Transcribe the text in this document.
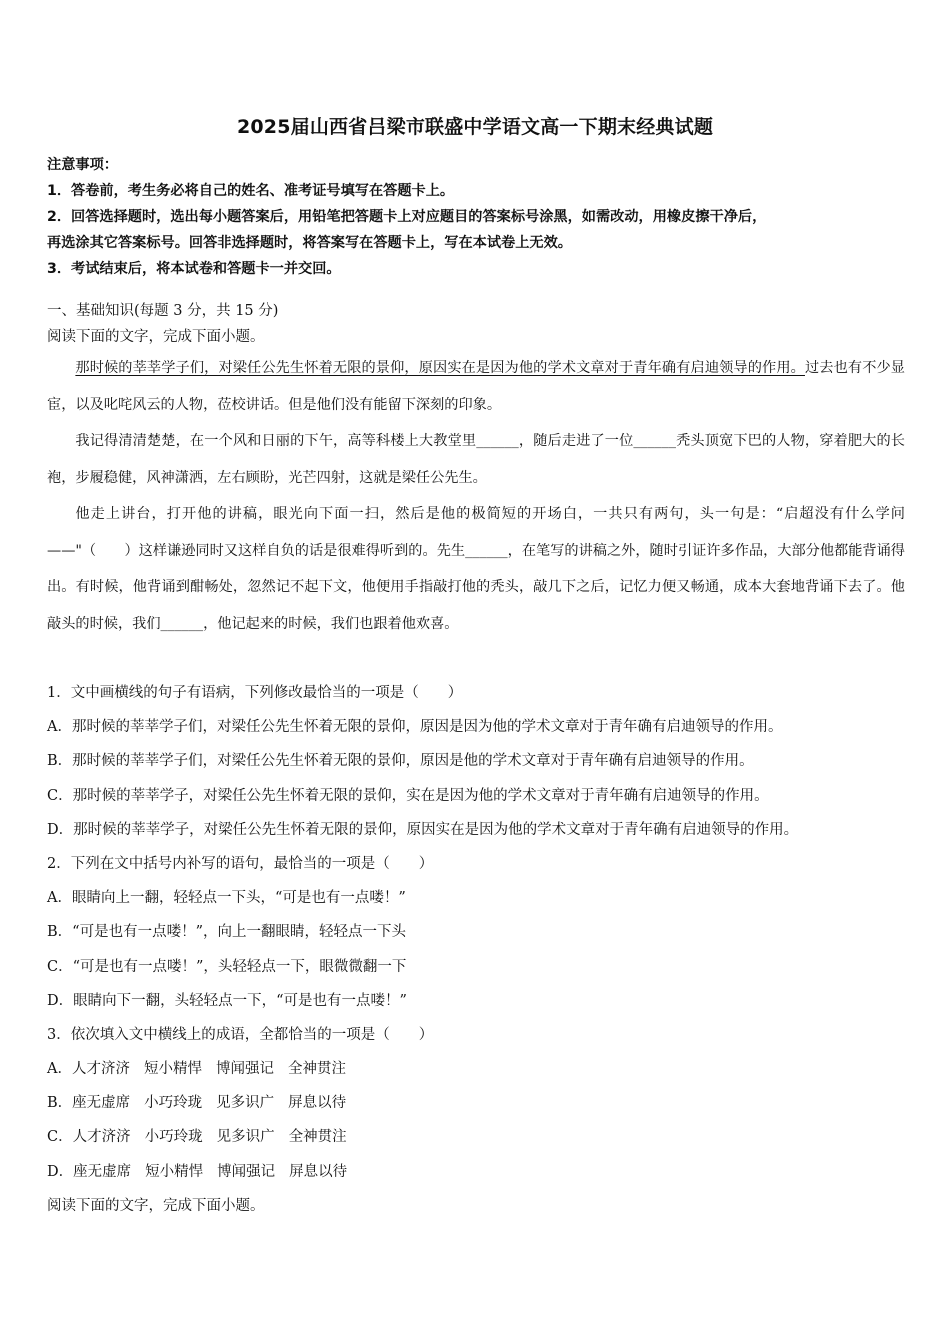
2025届山西省吕梁市联盛中学语文高一下期末经典试题
注意事项：
1．答卷前，考生务必将自己的姓名、准考证号填写在答题卡上。
2．回答选择题时，选出每小题答案后，用铅笔把答题卡上对应题目的答案标号涂黑，如需改动，用橡皮擦干净后，
再选涂其它答案标号。回答非选择题时，将答案写在答题卡上，写在本试卷上无效。
3．考试结束后，将本试卷和答题卡一并交回。
一、基础知识(每题 3 分，共 15 分)
阅读下面的文字，完成下面小题。

那时候的莘莘学子们，对梁任公先生怀着无限的景仰，原因实在是因为他的学术文章对于青年确有启迪领导的作用。过去也有不少显宦，以及叱咤风云的人物，莅校讲话。但是他们没有能留下深刻的印象。

我记得清清楚楚，在一个风和日丽的下午，高等科楼上大教堂里______，随后走进了一位______秃头顶宽下巴的人物，穿着肥大的长袍，步履稳健，风神潇洒，左右顾盼，光芒四射，这就是梁任公先生。

他走上讲台，打开他的讲稿，眼光向下面一扫，然后是他的极简短的开场白，一共只有两句，头一句是：“启超没有什么学问——"（　　）这样谦逊同时又这样自负的话是很难得听到的。先生______，在笔写的讲稿之外，随时引证许多作品，大部分他都能背诵得出。有时候，他背诵到酣畅处，忽然记不起下文，他便用手指敲打他的秃头，敲几下之后，记忆力便又畅通，成本大套地背诵下去了。他敲头的时候，我们______，他记起来的时候，我们也跟着他欢喜。

1．文中画横线的句子有语病，下列修改最恰当的一项是（　　）
A．那时候的莘莘学子们，对梁任公先生怀着无限的景仰，原因是因为他的学术文章对于青年确有启迪领导的作用。
B．那时候的莘莘学子们，对梁任公先生怀着无限的景仰，原因是他的学术文章对于青年确有启迪领导的作用。
C．那时候的莘莘学子，对梁任公先生怀着无限的景仰，实在是因为他的学术文章对于青年确有启迪领导的作用。
D．那时候的莘莘学子，对梁任公先生怀着无限的景仰，原因实在是因为他的学术文章对于青年确有启迪领导的作用。
2．下列在文中括号内补写的语句，最恰当的一项是（　　）
A．眼睛向上一翻，轻轻点一下头，“可是也有一点喽！”
B．“可是也有一点喽！”，向上一翻眼睛，轻轻点一下头
C．“可是也有一点喽！”，头轻轻点一下，眼微微翻一下
D．眼睛向下一翻，头轻轻点一下，“可是也有一点喽！”
3．依次填入文中横线上的成语，全都恰当的一项是（　　）
A．人才济济 短小精悍 博闻强记 全神贯注
B．座无虚席 小巧玲珑 见多识广 屏息以待
C．人才济济 小巧玲珑 见多识广 全神贯注
D．座无虚席 短小精悍 博闻强记 屏息以待
阅读下面的文字，完成下面小题。
